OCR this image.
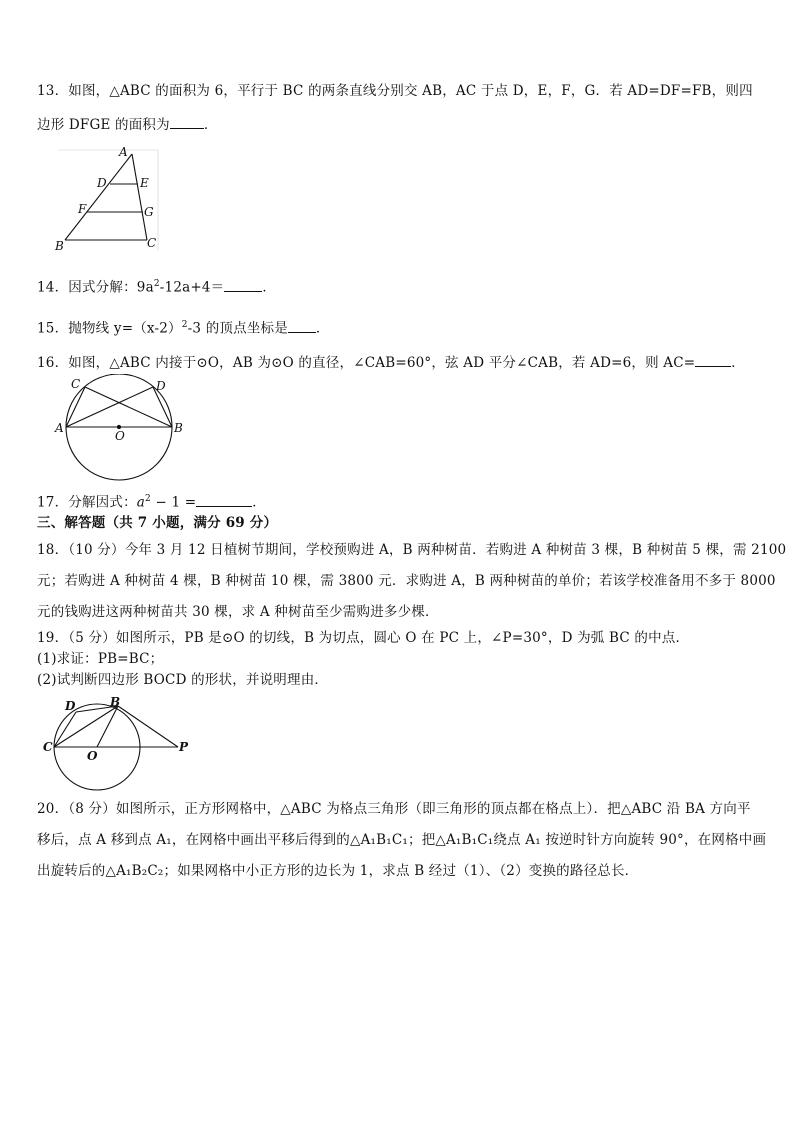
13．如图，△ABC 的面积为 6，平行于 BC 的两条直线分别交 AB，AC 于点 D，E，F，G．若 AD=DF=FB，则四
边形 DFGE 的面积为	．
A
D	E
F	G
B	C
14．因式分解：$9a^2-12a+4=$	．
15．抛物线 $y=(x-2)^2-3$ 的顶点坐标是 ．
16．如图，△ABC 内接于⊙O，AB 为⊙O 的直径，∠CAB=60°，弦 AD 平分∠CAB，若 AD=6，则 AC=	．
C	D
A
O
B
17．分解因式：$a^2 - 1$ =	．
三、解答题（共 7 小题，满分 69 分）
18．（10 分）今年 3 月 12 日植树节期间，学校预购进 A，B 两种树苗．若购进 A 种树苗 3 棵，B 种树苗 5 棵，需 2100
元；若购进 A 种树苗 4 棵，B 种树苗 10 棵，需 3800 元．求购进 A，B 两种树苗的单价；若该学校准备用不多于 8000
元的钱购进这两种树苗共 30 棵，求 A 种树苗至少需购进多少棵．
19．（5 分）如图所示，PB 是⊙O 的切线，B 为切点，圆心 O 在 PC 上，∠P=30°，D 为弧 BC 的中点．
(1)求证：PB=BC；
(2)试判断四边形 BOCD 的形状，并说明理由．
D	B
C
O
P
20．（8 分）如图所示，正方形网格中，△ABC 为格点三角形（即三角形的顶点都在格点上）．把△ABC 沿 BA 方向平
移后，点 A 移到点 A₁，在网格中画出平移后得到的△A₁B₁C₁；把△A₁B₁C₁绕点 A₁ 按逆时针方向旋转 90°，在网格中画
出旋转后的△A₁B₂C₂；如果网格中小正方形的边长为 1，求点 B 经过（1）、（2）变换的路径总长．
